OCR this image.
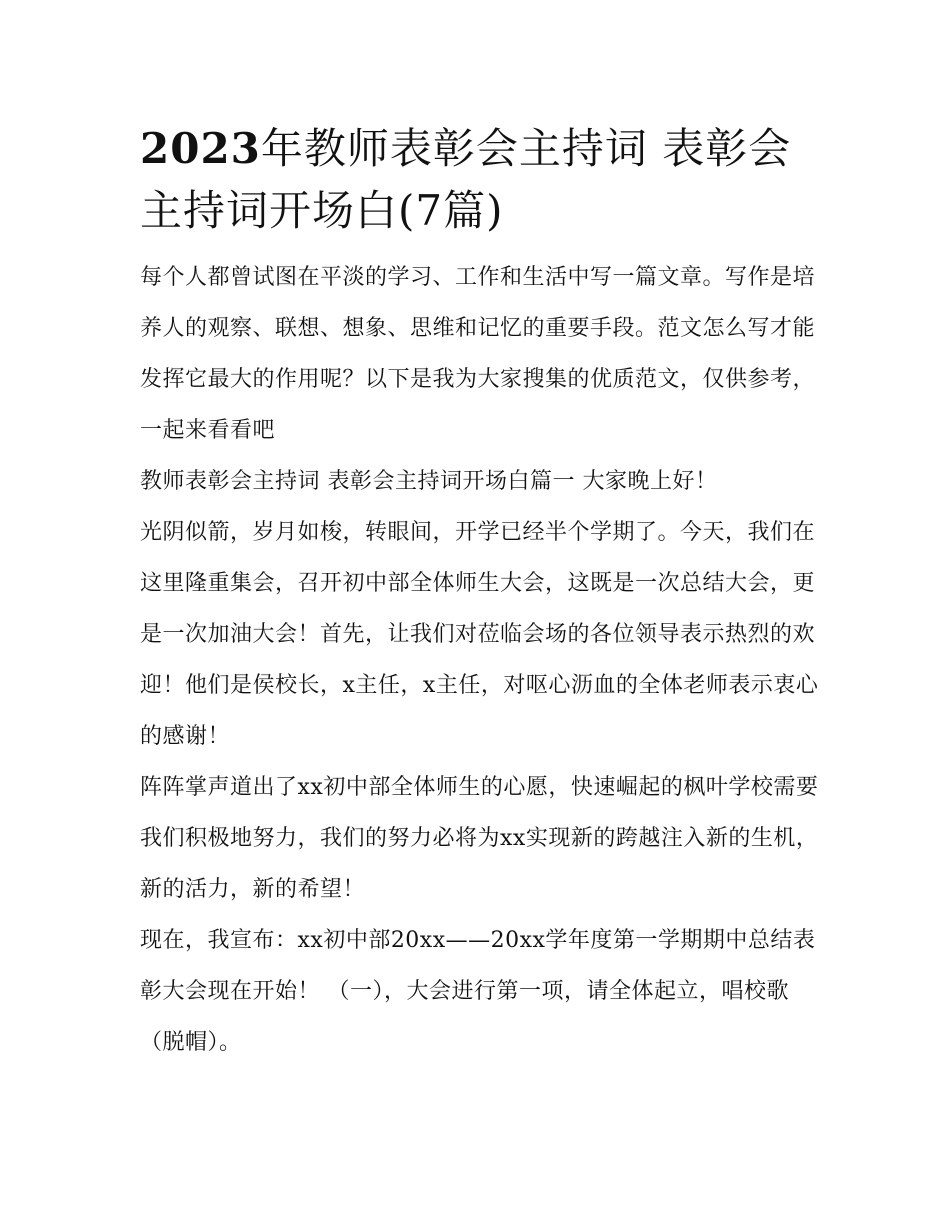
2023年教师表彰会主持词 表彰会主持词开场白(7篇)

每个人都曾试图在平淡的学习、工作和生活中写一篇文章。写作是培养人的观察、联想、想象、思维和记忆的重要手段。范文怎么写才能发挥它最大的作用呢？以下是我为大家搜集的优质范文，仅供参考，一起来看看吧

教师表彰会主持词 表彰会主持词开场白篇一 大家晚上好！

光阴似箭，岁月如梭，转眼间，开学已经半个学期了。今天，我们在这里隆重集会，召开初中部全体师生大会，这既是一次总结大会，更是一次加油大会！首先，让我们对莅临会场的各位领导表示热烈的欢迎！他们是侯校长，x主任，x主任，对呕心沥血的全体老师表示衷心的感谢！

阵阵掌声道出了xx初中部全体师生的心愿，快速崛起的枫叶学校需要我们积极地努力，我们的努力必将为xx实现新的跨越注入新的生机，新的活力，新的希望！

现在，我宣布：xx初中部20xx——20xx学年度第一学期期中总结表彰大会现在开始！ （一），大会进行第一项，请全体起立，唱校歌（脱帽）。
